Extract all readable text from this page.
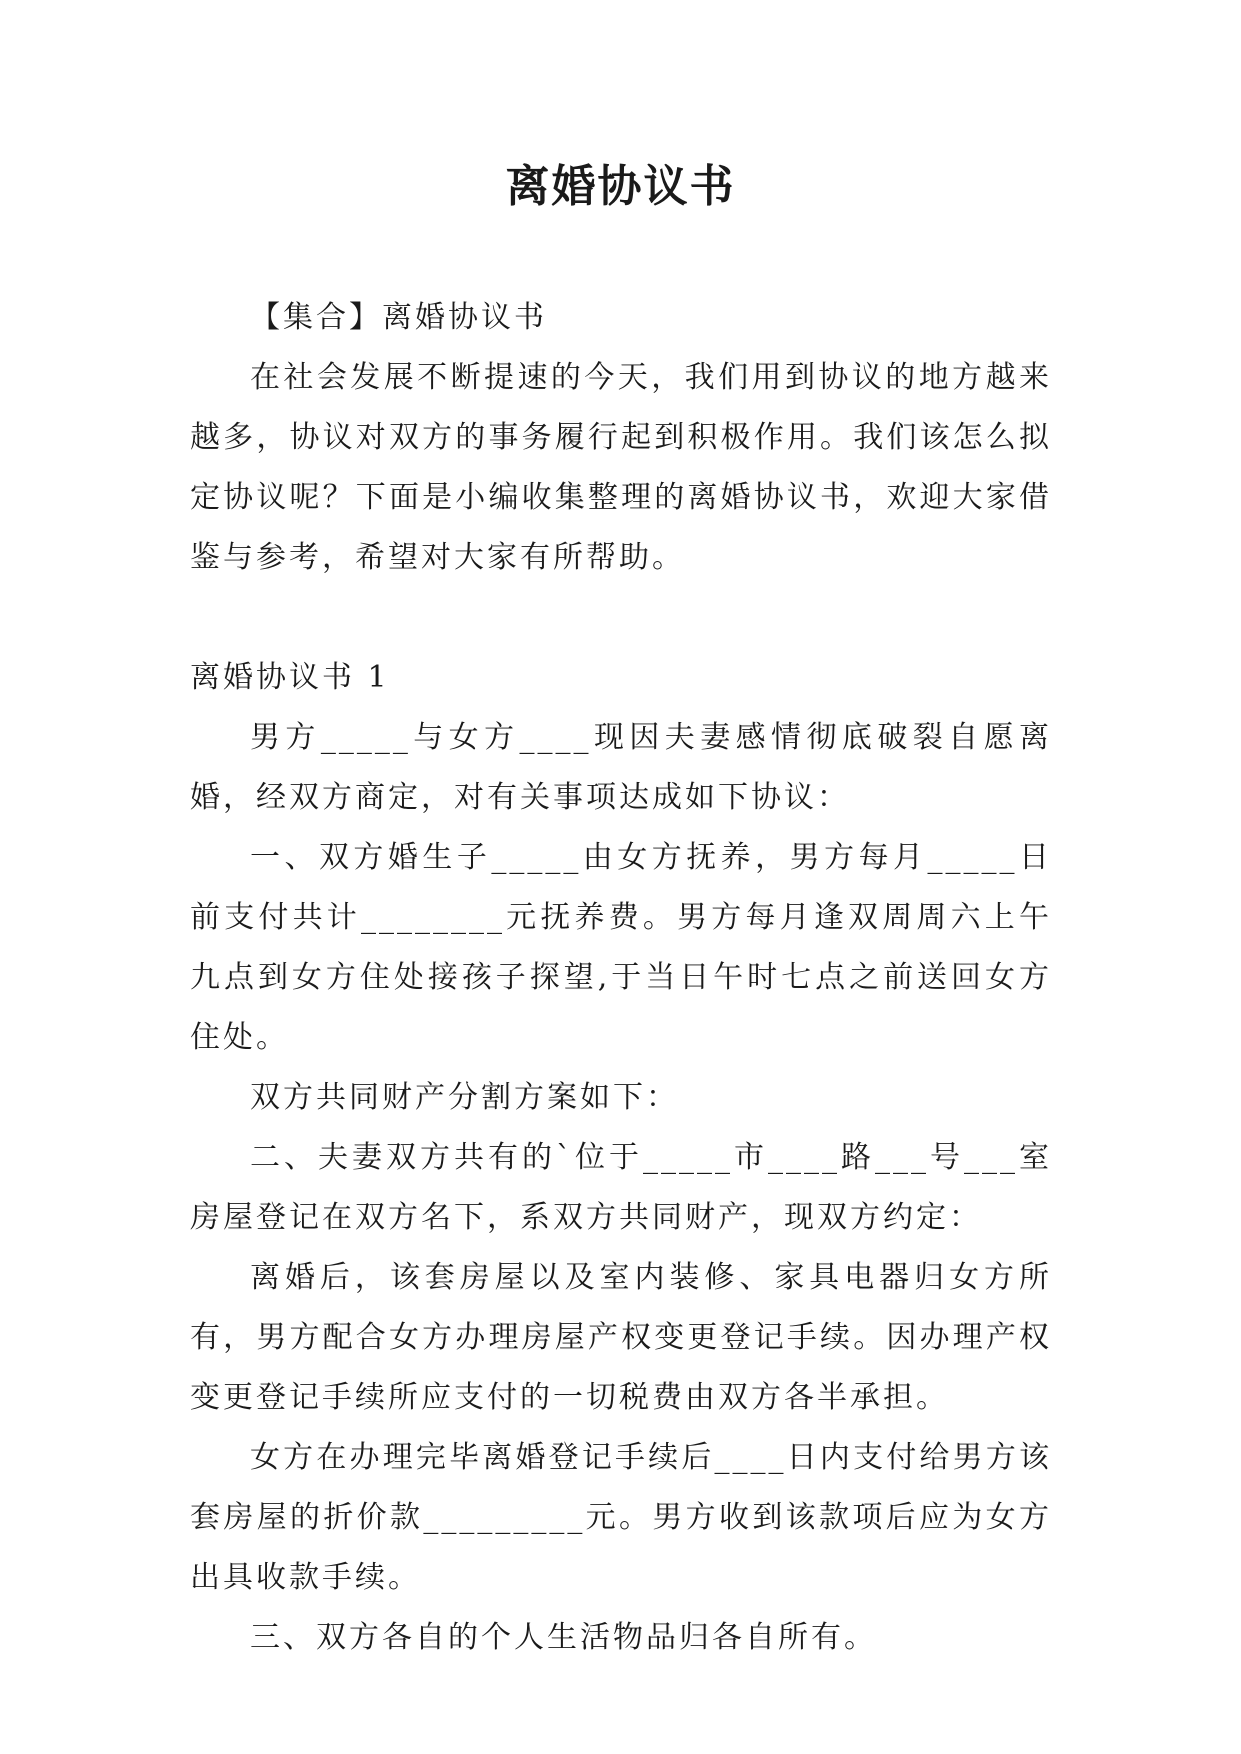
离婚协议书

【集合】离婚协议书

在社会发展不断提速的今天，我们用到协议的地方越来越多，协议对双方的事务履行起到积极作用。我们该怎么拟定协议呢？下面是小编收集整理的离婚协议书，欢迎大家借鉴与参考，希望对大家有所帮助。

离婚协议书 1

男方_____与女方____现因夫妻感情彻底破裂自愿离婚，经双方商定，对有关事项达成如下协议：

一、双方婚生子_____由女方抚养，男方每月_____日前支付共计________元抚养费。男方每月逢双周周六上午九点到女方住处接孩子探望,于当日午时七点之前送回女方住处。

双方共同财产分割方案如下：

二、夫妻双方共有的`位于_____市____路___号___室房屋登记在双方名下，系双方共同财产，现双方约定：

离婚后，该套房屋以及室内装修、家具电器归女方所有，男方配合女方办理房屋产权变更登记手续。因办理产权变更登记手续所应支付的一切税费由双方各半承担。

女方在办理完毕离婚登记手续后____日内支付给男方该套房屋的折价款_________元。男方收到该款项后应为女方出具收款手续。

三、双方各自的个人生活物品归各自所有。
